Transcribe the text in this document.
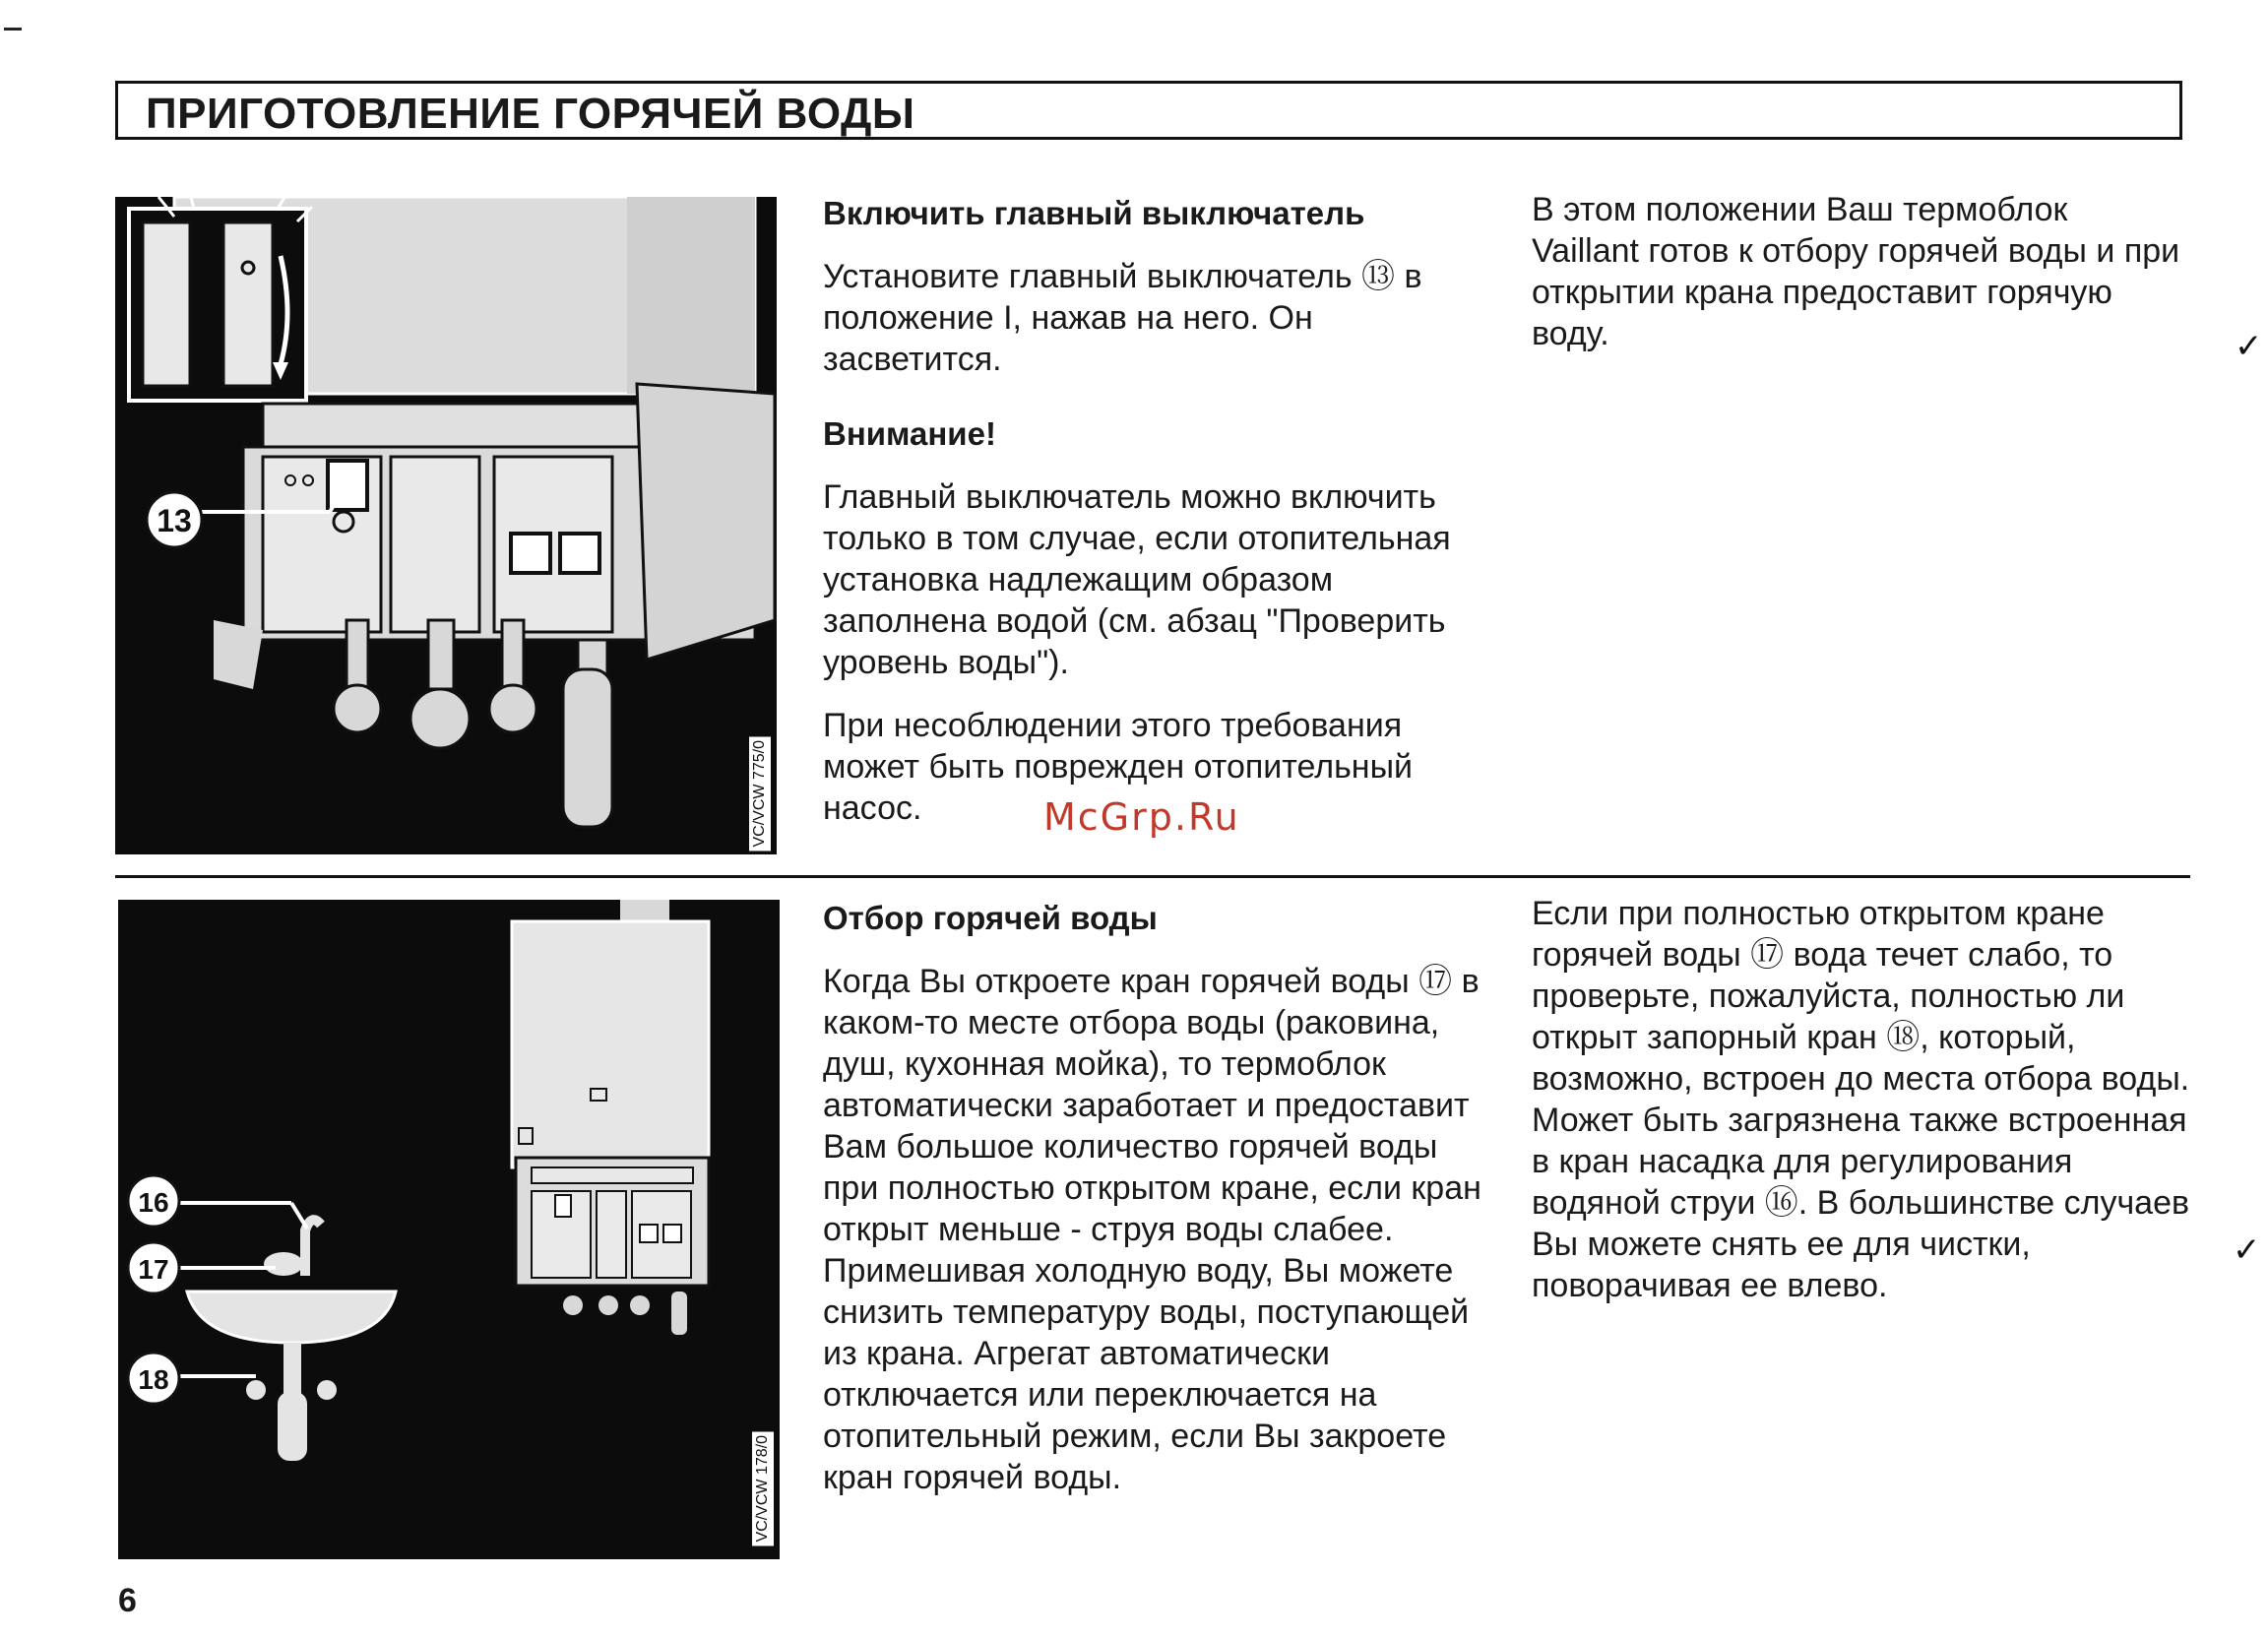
ПРИГОТОВЛЕНИЕ ГОРЯЧЕЙ ВОДЫ
13
VC/VCW 775/0

Включить главный выключатель

Установите главный выключатель ⑬ в положение I, нажав на него. Он засветится.

Внимание!

Главный выключатель можно включить только в том случае, если отопительная установка надлежащим образом заполнена водой (см. абзац "Проверить уровень воды").

При несоблюдении этого требования может быть поврежден отопительный насос.

В этом положении Ваш термоблок Vaillant готов к отбору горячей воды и при открытии крана предоставит горячую воду.	✓
McGrp.Ru
16
17
18
VC/VCW 178/0

Отбор горячей воды

Когда Вы откроете кран горячей воды ⑰ в каком-то месте отбора воды (раковина, душ, кухонная мойка), то термоблок автоматически заработает и предоставит Вам большое количество горячей воды при полностью открытом кране, если кран открыт меньше - струя воды слабее. Примешивая холодную воду, Вы можете снизить температуру воды, поступающей из крана. Агрегат автоматически отключается или переключается на отопительный режим, если Вы закроете кран горячей воды.

Если при полностью открытом кране горячей воды ⑰ вода течет слабо, то проверьте, пожалуйста, полностью ли открыт запорный кран ⑱, который, возможно, встроен до места отбора воды. Может быть загрязнена также встроенная в кран насадка для регулирования водяной струи ⑯. В большинстве случаев Вы можете снять ее для чистки, поворачивая ее влево.

✓
6
